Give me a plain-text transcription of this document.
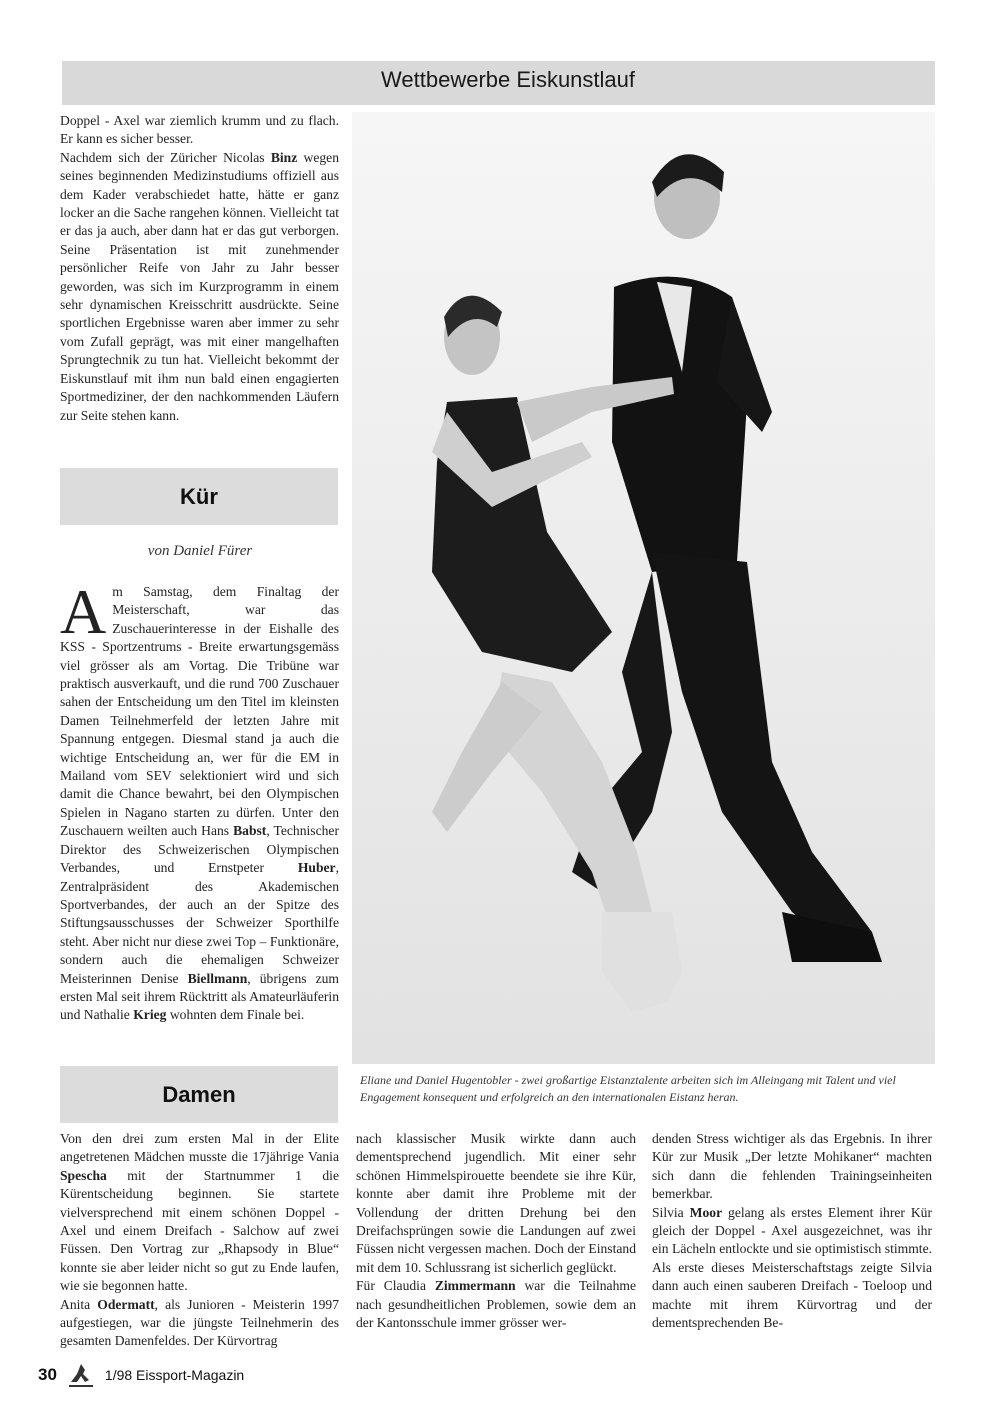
Wettbewerbe Eiskunstlauf

Doppel - Axel war ziemlich krumm und zu flach. Er kann es sicher besser.

Nachdem sich der Züricher Nicolas Binz wegen seines beginnenden Medizinstudiums offiziell aus dem Kader verabschiedet hatte, hätte er ganz locker an die Sache rangehen können. Vielleicht tat er das ja auch, aber dann hat er das gut verborgen. Seine Präsentation ist mit zunehmender persönlicher Reife von Jahr zu Jahr besser geworden, was sich im Kurzprogramm in einem sehr dynamischen Kreisschritt ausdrückte. Seine sportlichen Ergebnisse waren aber immer zu sehr vom Zufall geprägt, was mit einer mangelhaften Sprungtechnik zu tun hat. Vielleicht bekommt der Eiskunstlauf mit ihm nun bald einen engagierten Sportmediziner, der den nachkommenden Läufern zur Seite stehen kann.

Kür
von Daniel Fürer

Am Samstag, dem Finaltag der Meisterschaft, war das Zuschauerinteresse in der Eishalle des KSS - Sportzentrums - Breite erwartungsgemäss viel grösser als am Vortag. Die Tribüne war praktisch ausverkauft, und die rund 700 Zuschauer sahen der Entscheidung um den Titel im kleinsten Damen Teilnehmerfeld der letzten Jahre mit Spannung entgegen. Diesmal stand ja auch die wichtige Entscheidung an, wer für die EM in Mailand vom SEV selektioniert wird und sich damit die Chance bewahrt, bei den Olympischen Spielen in Nagano starten zu dürfen. Unter den Zuschauern weilten auch Hans Babst, Technischer Direktor des Schweizerischen Olympischen Verbandes, und Ernstpeter Huber, Zentralpräsident des Akademischen Sportverbandes, der auch an der Spitze des Stiftungsausschusses der Schweizer Sporthilfe steht. Aber nicht nur diese zwei Top – Funktionäre, sondern auch die ehemaligen Schweizer Meisterinnen Denise Biellmann, übrigens zum ersten Mal seit ihrem Rücktritt als Amateurläuferin und Nathalie Krieg wohnten dem Finale bei.

Eliane und Daniel Hugentobler - zwei großartige Eistanztalente arbeiten sich im Alleingang mit Talent und viel Engagement konsequent und erfolgreich an den internationalen Eistanz heran.
Damen

Von den drei zum ersten Mal in der Elite angetretenen Mädchen musste die 17jährige Vania Spescha mit der Startnummer 1 die Kürentscheidung beginnen. Sie startete vielversprechend mit einem schönen Doppel - Axel und einem Dreifach - Salchow auf zwei Füssen. Den Vortrag zur „Rhapsody in Blue“ konnte sie aber leider nicht so gut zu Ende laufen, wie sie begonnen hatte.

Anita Odermatt, als Junioren - Meisterin 1997 aufgestiegen, war die jüngste Teilnehmerin des gesamten Damenfeldes. Der Kürvortrag

nach klassischer Musik wirkte dann auch dementsprechend jugendlich. Mit einer sehr schönen Himmelspirouette beendete sie ihre Kür, konnte aber damit ihre Probleme mit der Vollendung der dritten Drehung bei den Dreifachsprüngen sowie die Landungen auf zwei Füssen nicht vergessen machen. Doch der Einstand mit dem 10. Schlussrang ist sicherlich geglückt.

Für Claudia Zimmermann war die Teilnahme nach gesundheitlichen Problemen, sowie dem an der Kantonsschule immer grösser wer-

denden Stress wichtiger als das Ergebnis. In ihrer Kür zur Musik „Der letzte Mohikaner“ machten sich dann die fehlenden Trainingseinheiten bemerkbar.

Silvia Moor gelang als erstes Element ihrer Kür gleich der Doppel - Axel ausgezeichnet, was ihr ein Lächeln entlockte und sie optimistisch stimmte. Als erste dieses Meisterschaftstags zeigte Silvia dann auch einen sauberen Dreifach - Toeloop und machte mit ihrem Kürvortrag und der dementsprechenden Be-

30	1/98 Eissport-Magazin
